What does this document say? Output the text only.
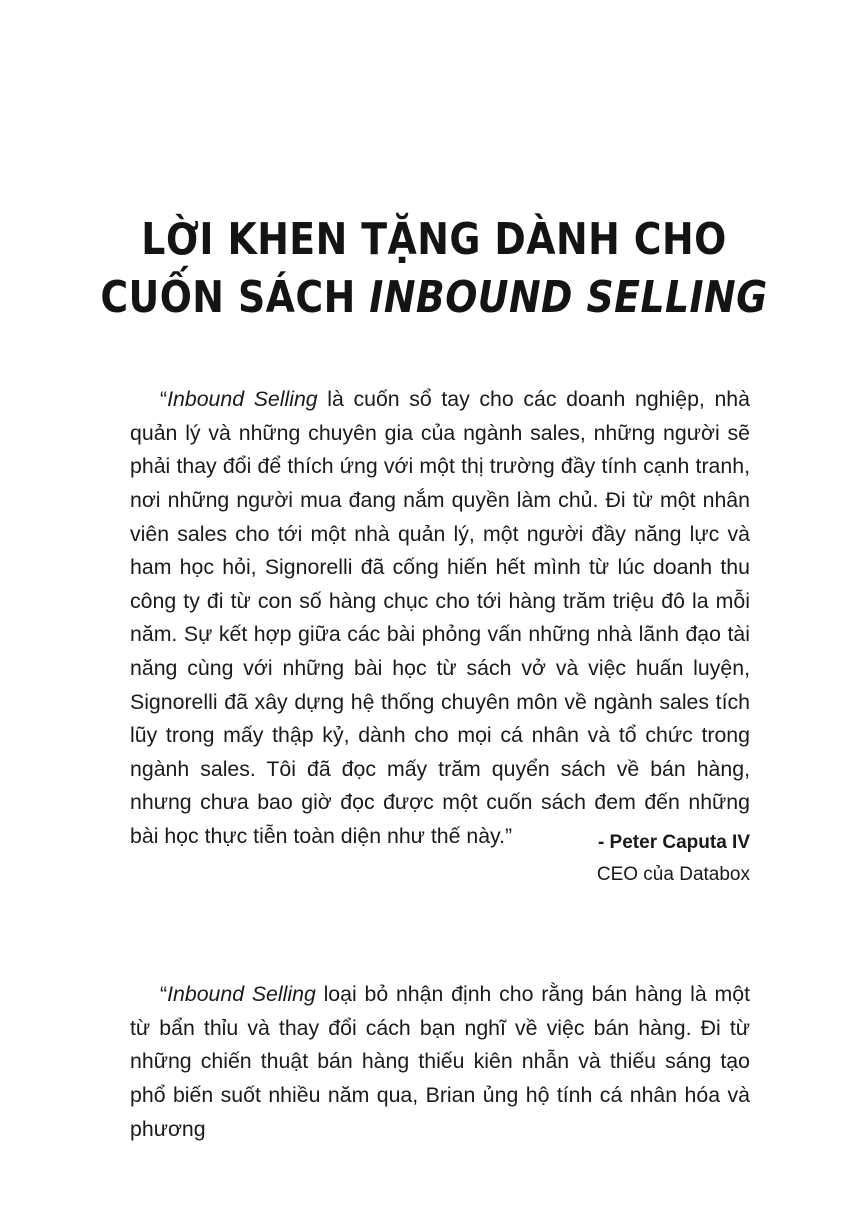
LỜI KHEN TẶNG DÀNH CHO
CUỐN SÁCH INBOUND SELLING

“Inbound Selling là cuốn sổ tay cho các doanh nghiệp, nhà quản lý và những chuyên gia của ngành sales, những người sẽ phải thay đổi để thích ứng với một thị trường đầy tính cạnh tranh, nơi những người mua đang nắm quyền làm chủ. Đi từ một nhân viên sales cho tới một nhà quản lý, một người đầy năng lực và ham học hỏi, Signorelli đã cống hiến hết mình từ lúc doanh thu công ty đi từ con số hàng chục cho tới hàng trăm triệu đô la mỗi năm. Sự kết hợp giữa các bài phỏng vấn những nhà lãnh đạo tài năng cùng với những bài học từ sách vở và việc huấn luyện, Signorelli đã xây dựng hệ thống chuyên môn về ngành sales tích lũy trong mấy thập kỷ, dành cho mọi cá nhân và tổ chức trong ngành sales. Tôi đã đọc mấy trăm quyển sách về bán hàng, nhưng chưa bao giờ đọc được một cuốn sách đem đến những bài học thực tiễn toàn diện như thế này.”	- Peter Caputa IV
CEO của Databox

“Inbound Selling loại bỏ nhận định cho rằng bán hàng là một từ bẩn thỉu và thay đổi cách bạn nghĩ về việc bán hàng. Đi từ những chiến thuật bán hàng thiếu kiên nhẫn và thiếu sáng tạo phổ biến suốt nhiều năm qua, Brian ủng hộ tính cá nhân hóa và phương
